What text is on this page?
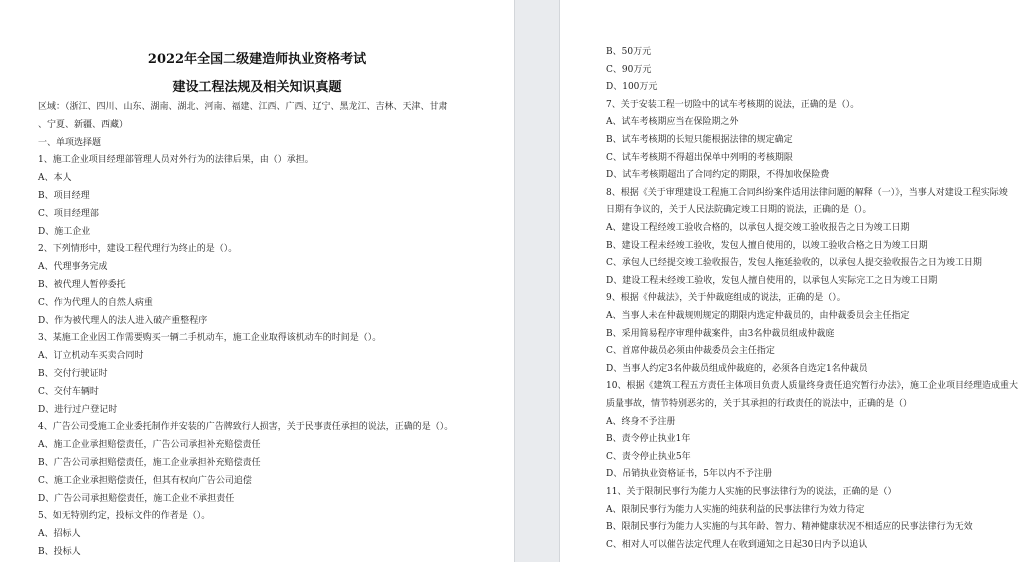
2022年全国二级建造师执业资格考试
建设工程法规及相关知识真题
区域：（浙江、四川、山东、湖南、湖北、河南、福建、江西、广西、辽宁、黑龙江、吉林、天津、甘肃
、宁夏、新疆、西藏）
一、单项选择题
1、施工企业项目经理部管理人员对外行为的法律后果，由（）承担。
A、本人
B、项目经理
C、项目经理部
D、施工企业
2、下列情形中，建设工程代理行为终止的是（）。
A、代理事务完成
B、被代理人暂停委托
C、作为代理人的自然人病重
D、作为被代理人的法人进入破产重整程序
3、某施工企业因工作需要购买一辆二手机动车，施工企业取得该机动车的时间是（）。
A、订立机动车买卖合同时
B、交付行驶证时
C、交付车辆时
D、进行过户登记时
4、广告公司受施工企业委托制作并安装的广告牌致行人损害，关于民事责任承担的说法，正确的是（）。
A、施工企业承担赔偿责任，广告公司承担补充赔偿责任
B、广告公司承担赔偿责任，施工企业承担补充赔偿责任
C、施工企业承担赔偿责任，但其有权向广告公司追偿
D、广告公司承担赔偿责任，施工企业不承担责任
5、如无特别约定，投标文件的作者是（）。
A、招标人
B、投标人
B、50万元
C、90万元
D、100万元
7、关于安装工程一切险中的试车考核期的说法，正确的是（）。
A、试车考核期应当在保险期之外
B、试车考核期的长短只能根据法律的规定确定
C、试车考核期不得超出保单中列明的考核期限
D、试车考核期超出了合同约定的期限，不得加收保险费
8、根据《关于审理建设工程施工合同纠纷案件适用法律问题的解释（一）》，当事人对建设工程实际竣
日期有争议的，关于人民法院确定竣工日期的说法，正确的是（）。
A、建设工程经竣工验收合格的，以承包人提交竣工验收报告之日为竣工日期
B、建设工程未经竣工验收，发包人擅自使用的，以竣工验收合格之日为竣工日期
C、承包人已经提交竣工验收报告，发包人拖延验收的，以承包人提交验收报告之日为竣工日期
D、建设工程未经竣工验收，发包人擅自使用的，以承包人实际完工之日为竣工日期
9、根据《仲裁法》，关于仲裁庭组成的说法，正确的是（）。
A、当事人未在仲裁规则规定的期限内选定仲裁员的，由仲裁委员会主任指定
B、采用简易程序审理仲裁案件，由3名仲裁员组成仲裁庭
C、首席仲裁员必须由仲裁委员会主任指定
D、当事人约定3名仲裁员组成仲裁庭的，必须各自选定1名仲裁员
10、根据《建筑工程五方责任主体项目负责人质量终身责任追究暂行办法》，施工企业项目经理造成重大
质量事故，情节特别恶劣的，关于其承担的行政责任的说法中，正确的是（）
A、终身不予注册
B、责令停止执业1年
C、责令停止执业5年
D、吊销执业资格证书，5年以内不予注册
11、关于限制民事行为能力人实施的民事法律行为的说法，正确的是（）
A、限制民事行为能力人实施的纯获利益的民事法律行为效力待定
B、限制民事行为能力人实施的与其年龄、智力、精神健康状况不相适应的民事法律行为无效
C、相对人可以催告法定代理人在收到通知之日起30日内予以追认
